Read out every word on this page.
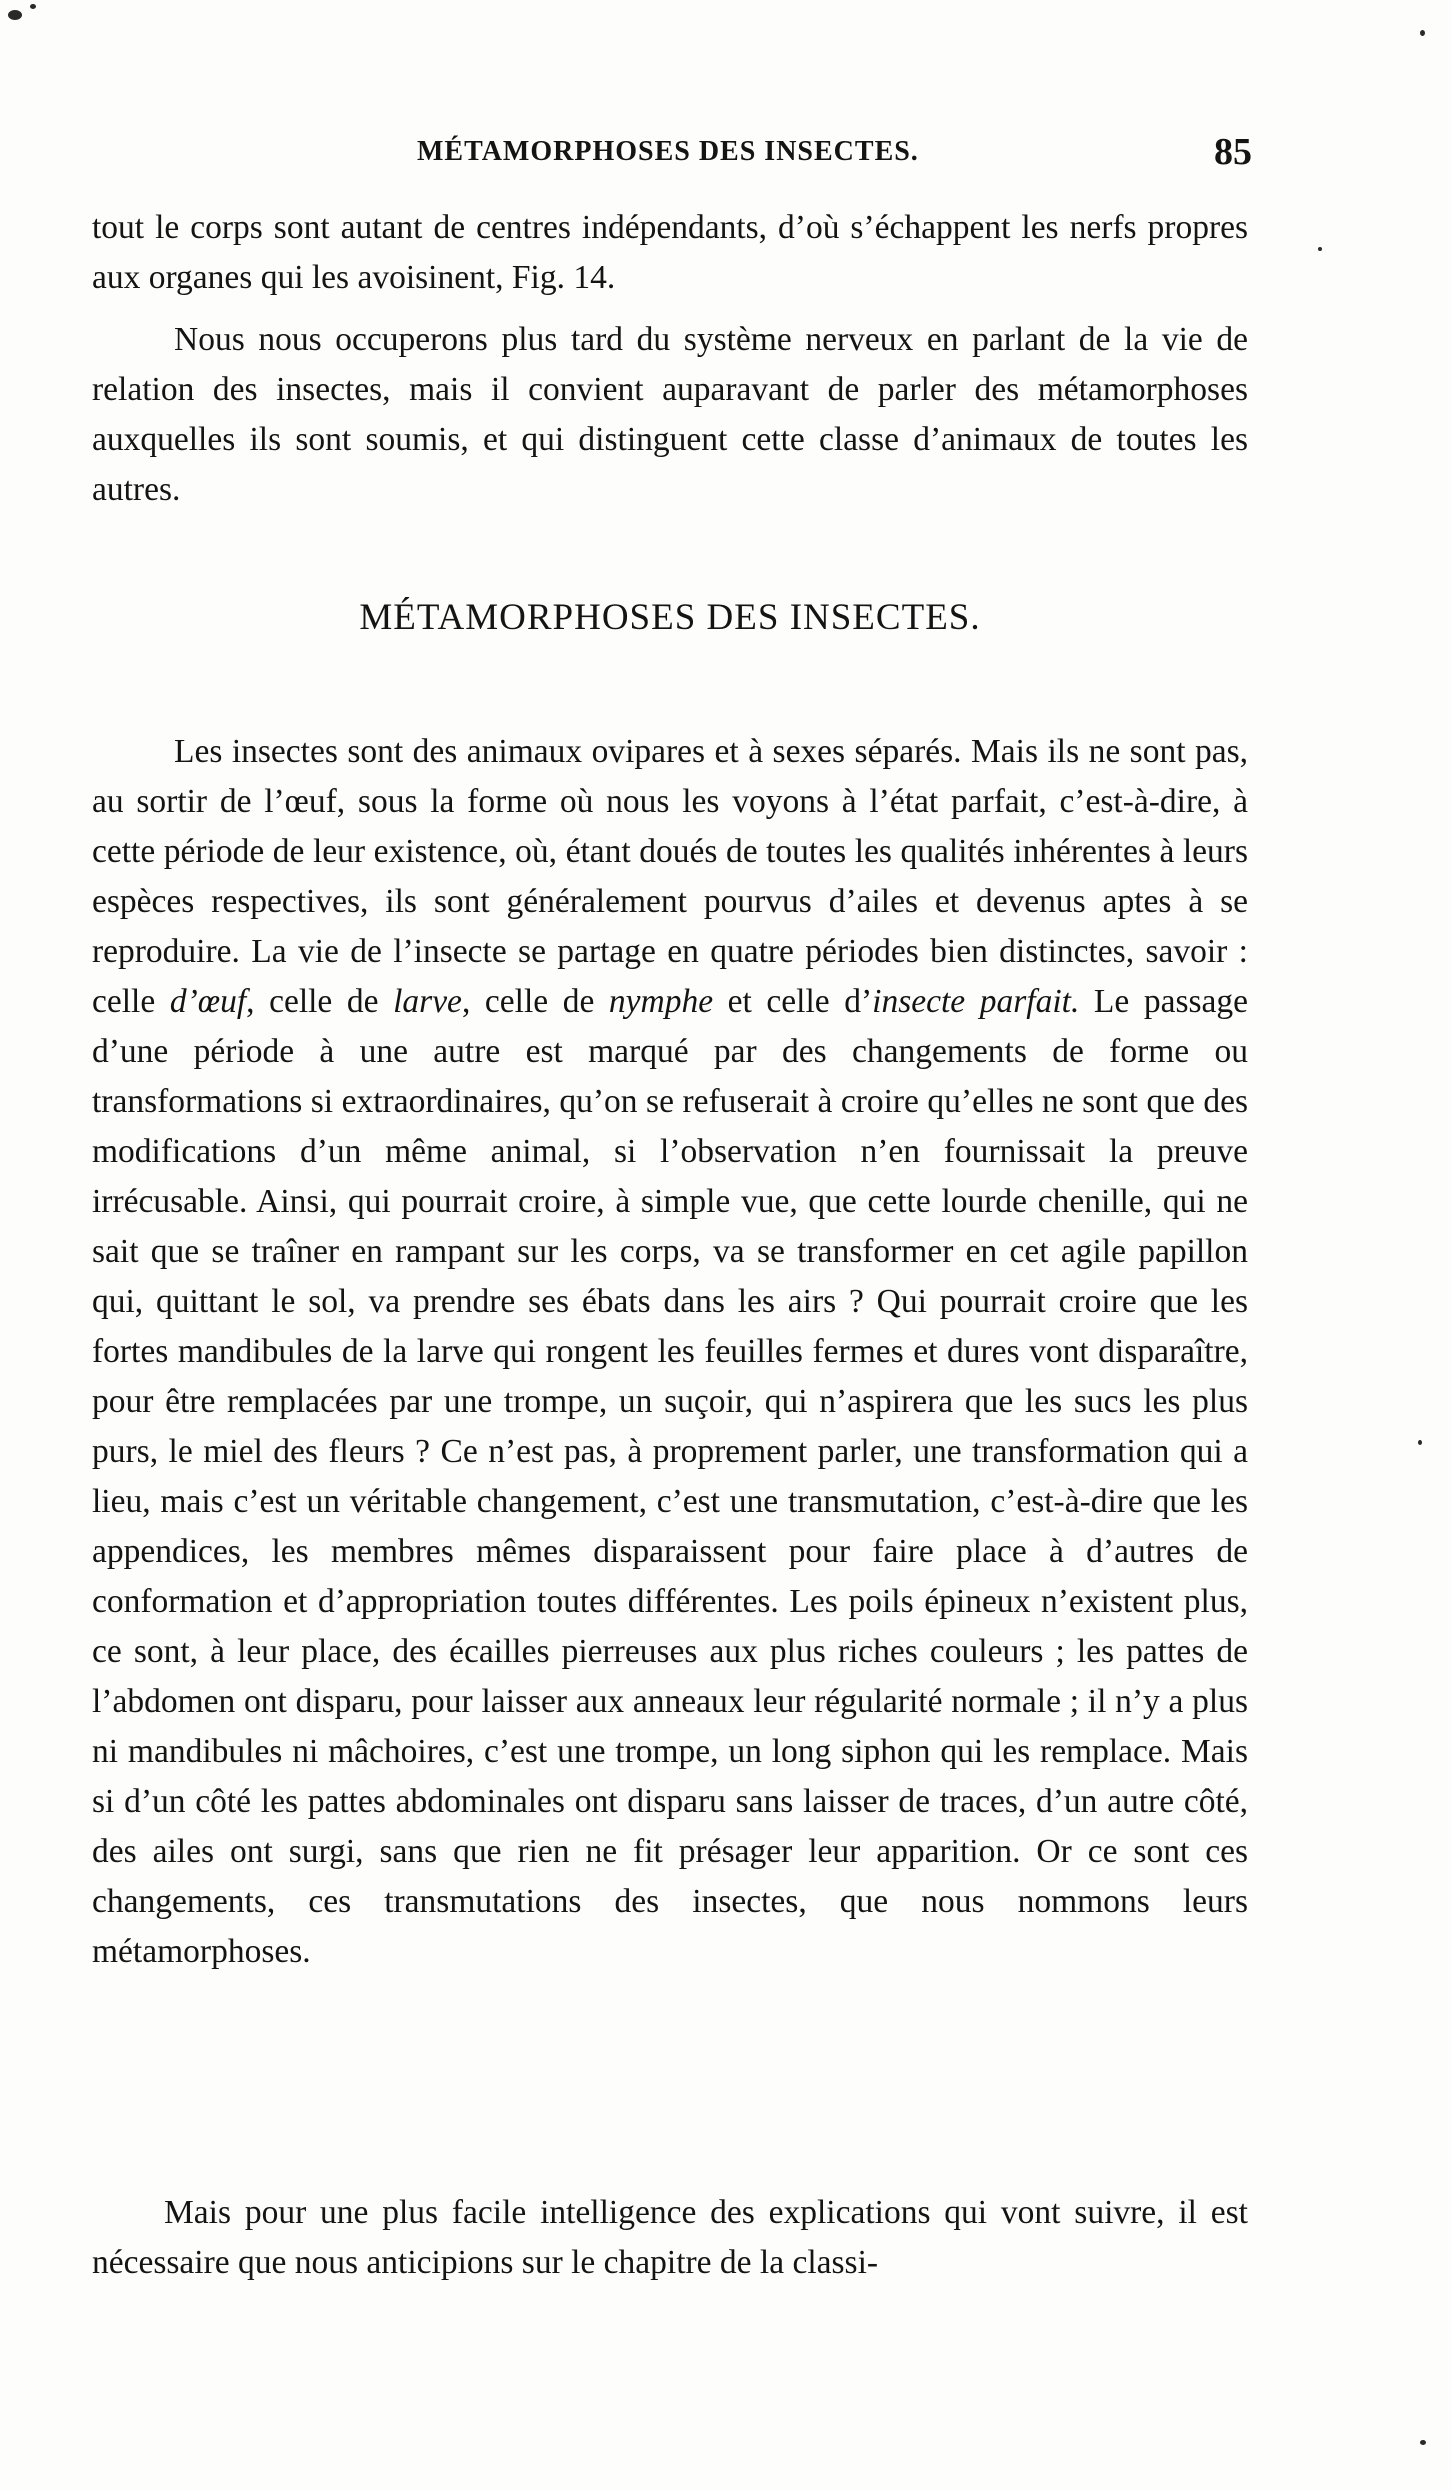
MÉTAMORPHOSES DES INSECTES.	85

tout le corps sont autant de centres indépendants, d’où s’échappent les nerfs propres aux organes qui les avoisinent, Fig. 14.

Nous nous occuperons plus tard du système nerveux en parlant de la vie de relation des insectes, mais il convient auparavant de parler des métamorphoses auxquelles ils sont soumis, et qui distinguent cette classe d’animaux de toutes les autres.

MÉTAMORPHOSES DES INSECTES.

Les insectes sont des animaux ovipares et à sexes séparés. Mais ils ne sont pas, au sortir de l’œuf, sous la forme où nous les voyons à l’état parfait, c’est-à-dire, à cette période de leur existence, où, étant doués de toutes les qualités inhérentes à leurs espèces respectives, ils sont généralement pourvus d’ailes et devenus aptes à se reproduire. La vie de l’insecte se partage en quatre périodes bien distinctes, savoir : celle d’œuf, celle de larve, celle de nymphe et celle d’insecte parfait. Le passage d’une période à une autre est marqué par des changements de forme ou transformations si extraordinaires, qu’on se refuserait à croire qu’elles ne sont que des modifications d’un même animal, si l’observation n’en fournissait la preuve irrécusable. Ainsi, qui pourrait croire, à simple vue, que cette lourde chenille, qui ne sait que se traîner en rampant sur les corps, va se transformer en cet agile papillon qui, quittant le sol, va prendre ses ébats dans les airs ? Qui pourrait croire que les fortes mandibules de la larve qui rongent les feuilles fermes et dures vont disparaître, pour être remplacées par une trompe, un suçoir, qui n’aspirera que les sucs les plus purs, le miel des fleurs ? Ce n’est pas, à proprement parler, une transformation qui a lieu, mais c’est un véritable changement, c’est une transmutation, c’est-à-dire que les appendices, les membres mêmes disparaissent pour faire place à d’autres de conformation et d’appropriation toutes différentes. Les poils épineux n’existent plus, ce sont, à leur place, des écailles pierreuses aux plus riches couleurs ; les pattes de l’abdomen ont disparu, pour laisser aux anneaux leur régularité normale ; il n’y a plus ni mandibules ni mâchoires, c’est une trompe, un long siphon qui les remplace. Mais si d’un côté les pattes abdominales ont disparu sans laisser de traces, d’un autre côté, des ailes ont surgi, sans que rien ne fit présager leur apparition. Or ce sont ces changements, ces transmutations des insectes, que nous nommons leurs métamorphoses.

Mais pour une plus facile intelligence des explications qui vont suivre, il est nécessaire que nous anticipions sur le chapitre de la classi-
